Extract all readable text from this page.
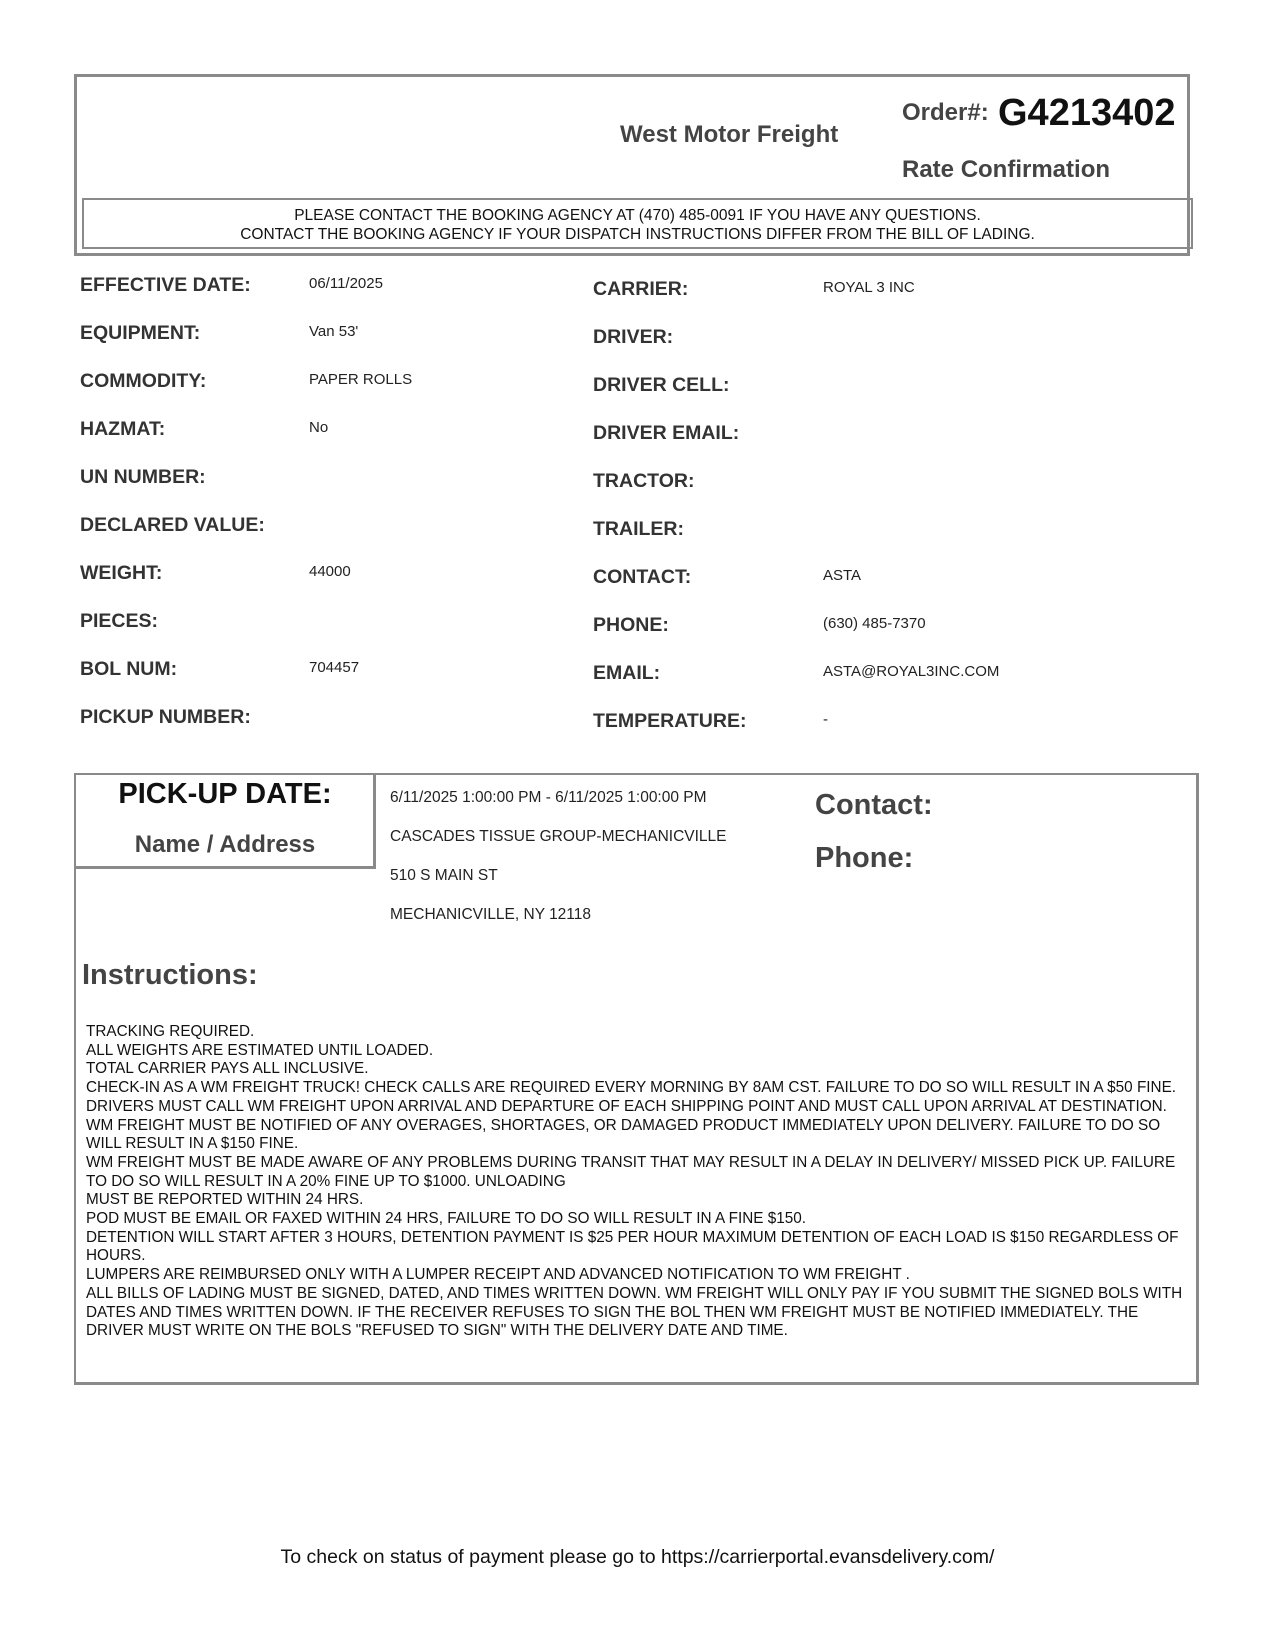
West Motor Freight
Order#: G4213402
Rate Confirmation
PLEASE CONTACT THE BOOKING AGENCY AT (470) 485-0091 IF YOU HAVE ANY QUESTIONS.
CONTACT THE BOOKING AGENCY IF YOUR DISPATCH INSTRUCTIONS DIFFER FROM THE BILL OF LADING.
EFFECTIVE DATE:	06/11/2025
EQUIPMENT:	Van 53'
COMMODITY:	PAPER ROLLS
HAZMAT:	No
UN NUMBER:
DECLARED VALUE:
WEIGHT:	44000
PIECES:
BOL NUM:	704457
PICKUP NUMBER:
CARRIER:	ROYAL 3 INC
DRIVER:
DRIVER CELL:
DRIVER EMAIL:
TRACTOR:
TRAILER:
CONTACT:	ASTA
PHONE:	(630) 485-7370
EMAIL:	ASTA@ROYAL3INC.COM
TEMPERATURE:	-
PICK-UP DATE:
Name / Address
6/11/2025 1:00:00 PM - 6/11/2025 1:00:00 PM
CASCADES TISSUE GROUP-MECHANICVILLE
510 S MAIN ST
MECHANICVILLE, NY 12118
Contact:
Phone:
Instructions:
TRACKING REQUIRED.
ALL WEIGHTS ARE ESTIMATED UNTIL LOADED.
TOTAL CARRIER PAYS ALL INCLUSIVE.
CHECK-IN AS A WM FREIGHT TRUCK! CHECK CALLS ARE REQUIRED EVERY MORNING BY 8AM CST. FAILURE TO DO SO WILL RESULT IN A $50 FINE.
DRIVERS MUST CALL WM FREIGHT UPON ARRIVAL AND DEPARTURE OF EACH SHIPPING POINT AND MUST CALL UPON ARRIVAL AT DESTINATION.
WM FREIGHT MUST BE NOTIFIED OF ANY OVERAGES, SHORTAGES, OR DAMAGED PRODUCT IMMEDIATELY UPON DELIVERY. FAILURE TO DO SO WILL RESULT IN A $150 FINE.
WM FREIGHT MUST BE MADE AWARE OF ANY PROBLEMS DURING TRANSIT THAT MAY RESULT IN A DELAY IN DELIVERY/ MISSED PICK UP. FAILURE TO DO SO WILL RESULT IN A 20% FINE UP TO $1000. UNLOADING
MUST BE REPORTED WITHIN 24 HRS.
POD MUST BE EMAIL OR FAXED WITHIN 24 HRS, FAILURE TO DO SO WILL RESULT IN A FINE $150.
DETENTION WILL START AFTER 3 HOURS, DETENTION PAYMENT IS $25 PER HOUR MAXIMUM DETENTION OF EACH LOAD IS $150 REGARDLESS OF HOURS.
LUMPERS ARE REIMBURSED ONLY WITH A LUMPER RECEIPT AND ADVANCED NOTIFICATION TO WM FREIGHT .
ALL BILLS OF LADING MUST BE SIGNED, DATED, AND TIMES WRITTEN DOWN. WM FREIGHT WILL ONLY PAY IF YOU SUBMIT THE SIGNED BOLS WITH DATES AND TIMES WRITTEN DOWN. IF THE RECEIVER REFUSES TO SIGN THE BOL THEN WM FREIGHT MUST BE NOTIFIED IMMEDIATELY. THE DRIVER MUST WRITE ON THE BOLS "REFUSED TO SIGN" WITH THE DELIVERY DATE AND TIME.
To check on status of payment please go to https://carrierportal.evansdelivery.com/
